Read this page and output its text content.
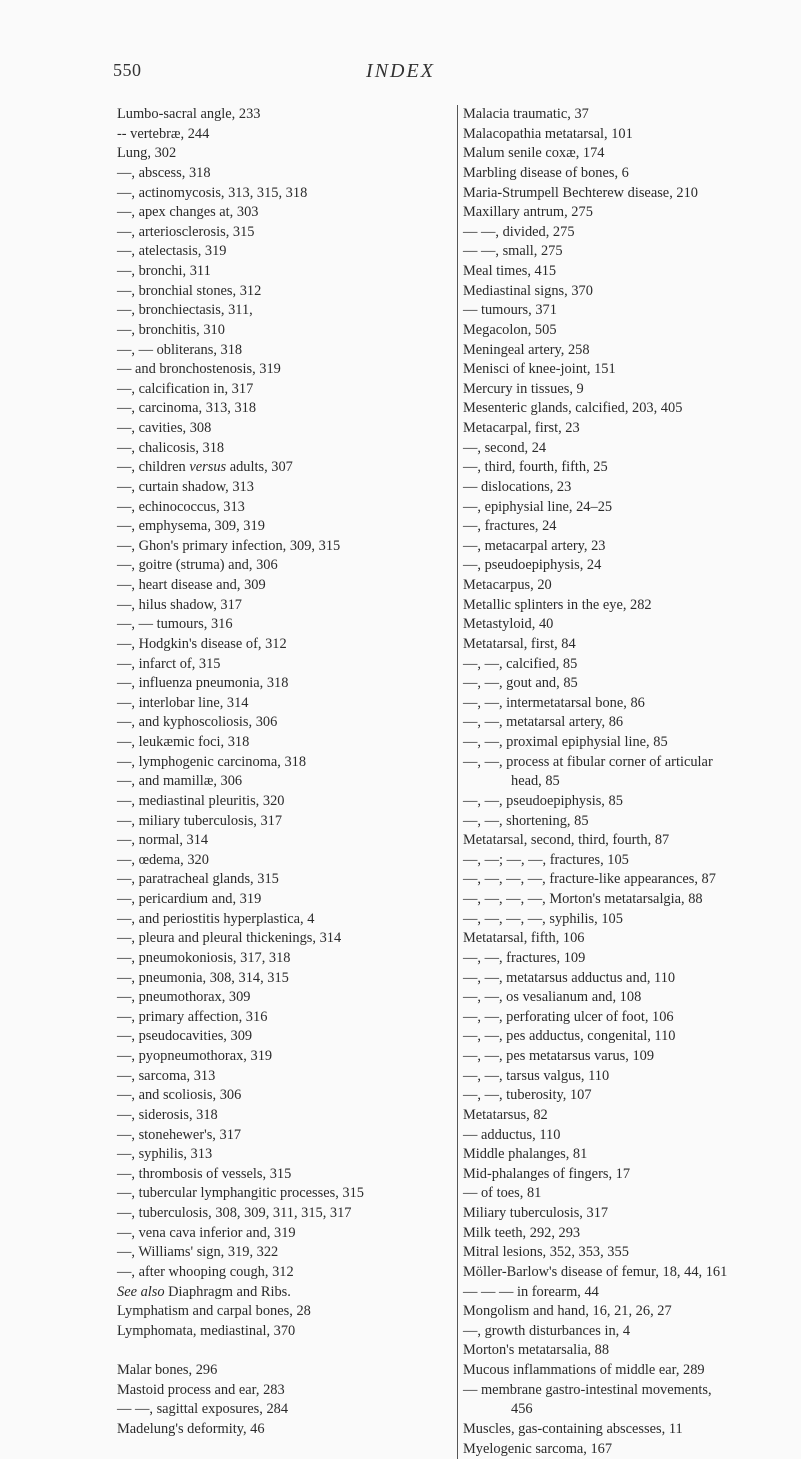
550	INDEX
Lumbo-sacral angle, 233
-- vertebræ, 244
Lung, 302
—, abscess, 318
—, actinomycosis, 313, 315, 318
—, apex changes at, 303
—, arteriosclerosis, 315
—, atelectasis, 319
—, bronchi, 311
—, bronchial stones, 312
—, bronchiectasis, 311,
—, bronchitis, 310
—, — obliterans, 318
— and bronchostenosis, 319
—, calcification in, 317
—, carcinoma, 313, 318
—, cavities, 308
—, chalicosis, 318
—, children versus adults, 307
—, curtain shadow, 313
—, echinococcus, 313
—, emphysema, 309, 319
—, Ghon's primary infection, 309, 315
—, goitre (struma) and, 306
—, heart disease and, 309
—, hilus shadow, 317
—, — tumours, 316
—, Hodgkin's disease of, 312
—, infarct of, 315
—, influenza pneumonia, 318
—, interlobar line, 314
—, and kyphoscoliosis, 306
—, leukæmic foci, 318
—, lymphogenic carcinoma, 318
—, and mamillæ, 306
—, mediastinal pleuritis, 320
—, miliary tuberculosis, 317
—, normal, 314
—, œdema, 320
—, paratracheal glands, 315
—, pericardium and, 319
—, and periostitis hyperplastica, 4
—, pleura and pleural thickenings, 314
—, pneumokoniosis, 317, 318
—, pneumonia, 308, 314, 315
—, pneumothorax, 309
—, primary affection, 316
—, pseudocavities, 309
—, pyopneumothorax, 319
—, sarcoma, 313
—, and scoliosis, 306
—, siderosis, 318
—, stonehewer's, 317
—, syphilis, 313
—, thrombosis of vessels, 315
—, tubercular lymphangitic processes, 315
—, tuberculosis, 308, 309, 311, 315, 317
—, vena cava inferior and, 319
—, Williams' sign, 319, 322
—, after whooping cough, 312
See also Diaphragm and Ribs.
Lymphatism and carpal bones, 28
Lymphomata, mediastinal, 370
Malar bones, 296
Mastoid process and ear, 283
— —, sagittal exposures, 284
Madelung's deformity, 46
Malacia traumatic, 37
Malacopathia metatarsal, 101
Malum senile coxæ, 174
Marbling disease of bones, 6
Maria-Strumpell Bechterew disease, 210
Maxillary antrum, 275
— —, divided, 275
— —, small, 275
Meal times, 415
Mediastinal signs, 370
— tumours, 371
Megacolon, 505
Meningeal artery, 258
Menisci of knee-joint, 151
Mercury in tissues, 9
Mesenteric glands, calcified, 203, 405
Metacarpal, first, 23
—, second, 24
—, third, fourth, fifth, 25
— dislocations, 23
—, epiphysial line, 24–25
—, fractures, 24
—, metacarpal artery, 23
—, pseudoepiphysis, 24
Metacarpus, 20
Metallic splinters in the eye, 282
Metastyloid, 40
Metatarsal, first, 84
—, —, calcified, 85
—, —, gout and, 85
—, —, intermetatarsal bone, 86
—, —, metatarsal artery, 86
—, —, proximal epiphysial line, 85
—, —, process at fibular corner of articular
head, 85
—, —, pseudoepiphysis, 85
—, —, shortening, 85
Metatarsal, second, third, fourth, 87
—, —; —, —, fractures, 105
—, —, —, —, fracture-like appearances, 87
—, —, —, —, Morton's metatarsalgia, 88
—, —, —, —, syphilis, 105
Metatarsal, fifth, 106
—, —, fractures, 109
—, —, metatarsus adductus and, 110
—, —, os vesalianum and, 108
—, —, perforating ulcer of foot, 106
—, —, pes adductus, congenital, 110
—, —, pes metatarsus varus, 109
—, —, tarsus valgus, 110
—, —, tuberosity, 107
Metatarsus, 82
— adductus, 110
Middle phalanges, 81
Mid-phalanges of fingers, 17
— of toes, 81
Miliary tuberculosis, 317
Milk teeth, 292, 293
Mitral lesions, 352, 353, 355
Möller-Barlow's disease of femur, 18, 44, 161
— — — in forearm, 44
Mongolism and hand, 16, 21, 26, 27
—, growth disturbances in, 4
Morton's metatarsalia, 88
Mucous inflammations of middle ear, 289
— membrane gastro-intestinal movements,
456
Muscles, gas-containing abscesses, 11
Myelogenic sarcoma, 167
